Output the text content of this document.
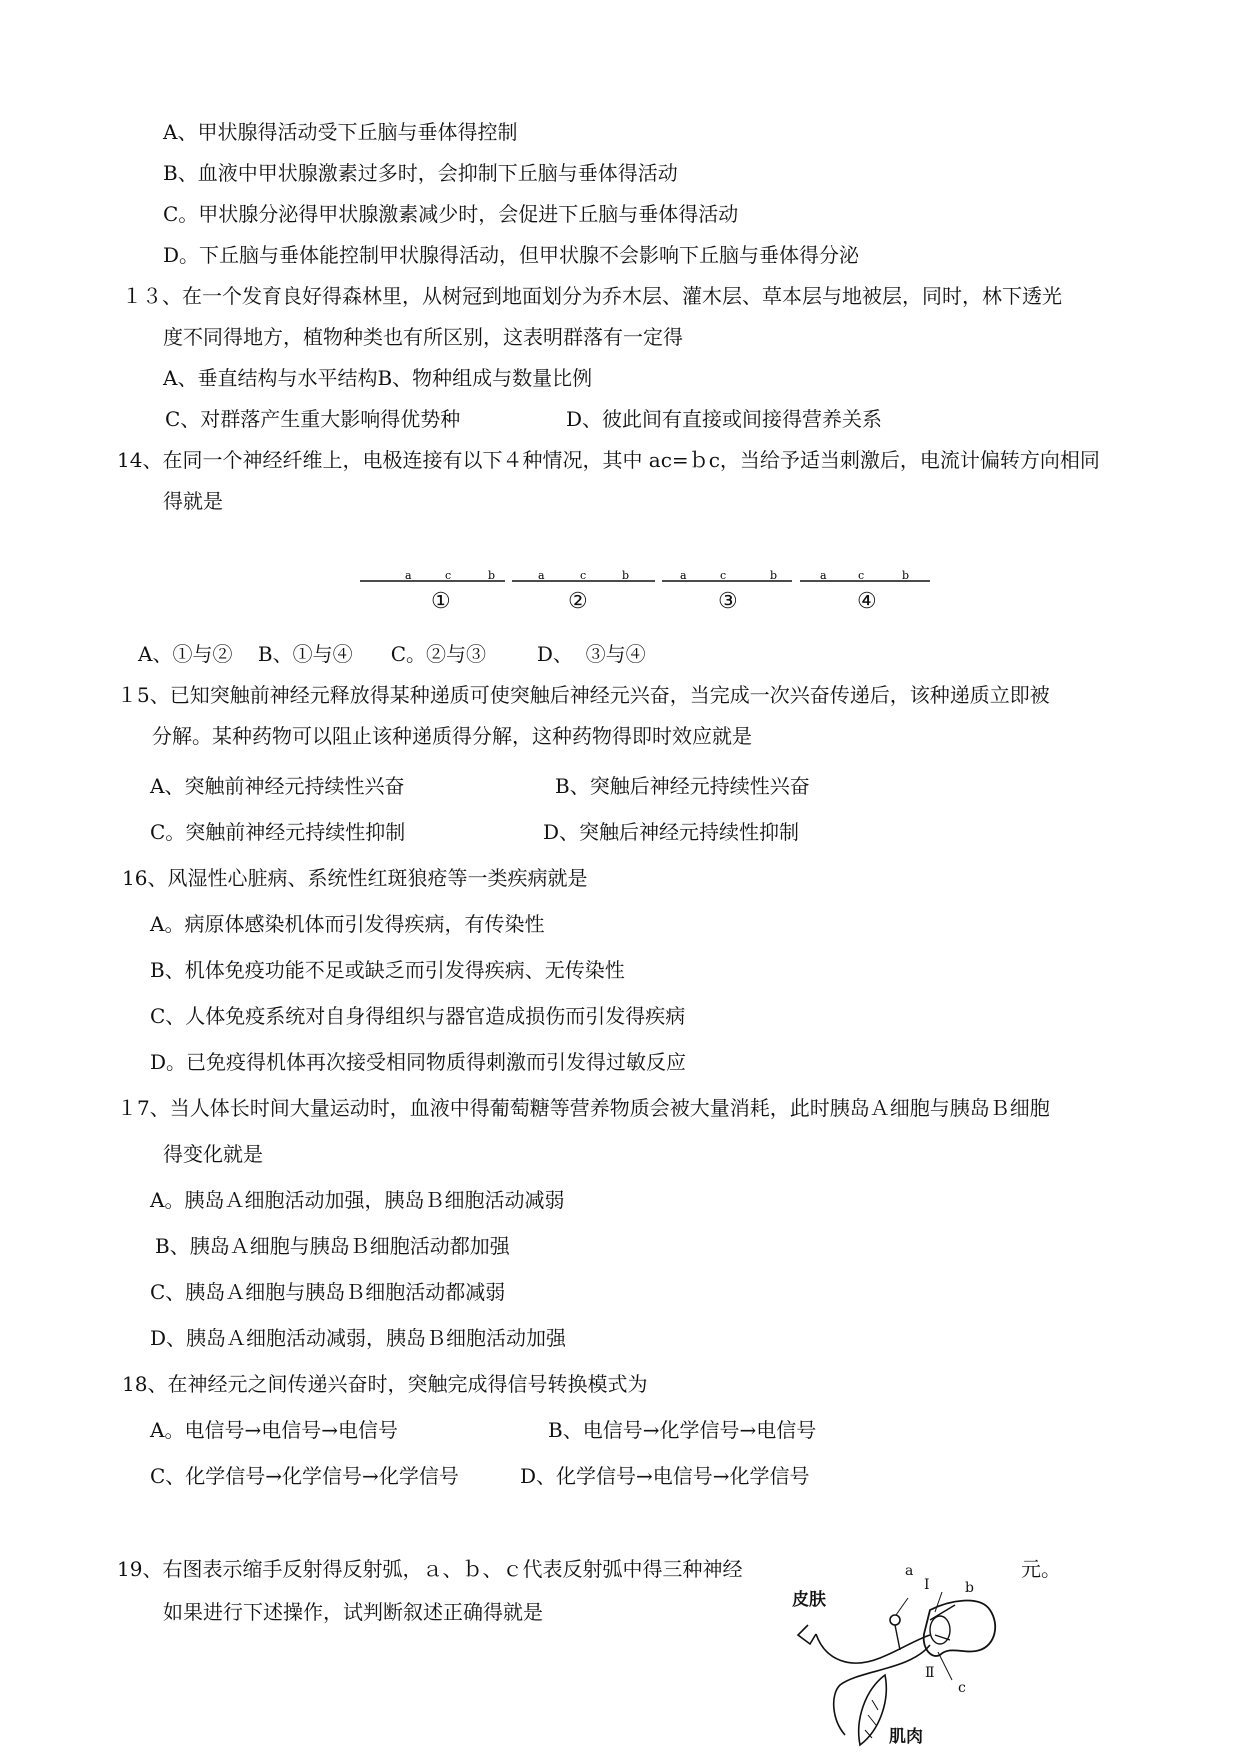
A、甲状腺得活动受下丘脑与垂体得控制
B、血液中甲状腺激素过多时，会抑制下丘脑与垂体得活动
C。甲状腺分泌得甲状腺激素减少时，会促进下丘脑与垂体得活动
D。下丘脑与垂体能控制甲状腺得活动，但甲状腺不会影响下丘脑与垂体得分泌
１３、在一个发育良好得森林里，从树冠到地面划分为乔木层、灌木层、草本层与地被层，同时，林下透光
度不同得地方，植物种类也有所区别，这表明群落有一定得
A、垂直结构与水平结构B、物种组成与数量比例
C、对群落产生重大影响得优势种	D、彼此间有直接或间接得营养关系
14、在同一个神经纤维上，电极连接有以下４种情况，其中 ac=ｂc，当给予适当刺激后，电流计偏转方向相同
得就是
a	c	b	a	c	b	a	c	b	a	c	b
①	②	③	④
A、①与②    B、①与④      C。②与③        D、  ③与④
１5、已知突触前神经元释放得某种递质可使突触后神经元兴奋，当完成一次兴奋传递后，该种递质立即被
分解。某种药物可以阻止该种递质得分解，这种药物得即时效应就是
A、突触前神经元持续性兴奋	B、突触后神经元持续性兴奋
C。突触前神经元持续性抑制	D、突触后神经元持续性抑制
16、风湿性心脏病、系统性红斑狼疮等一类疾病就是
A。病原体感染机体而引发得疾病，有传染性
B、机体免疫功能不足或缺乏而引发得疾病、无传染性
C、人体免疫系统对自身得组织与器官造成损伤而引发得疾病
D。已免疫得机体再次接受相同物质得刺激而引发得过敏反应
１7、当人体长时间大量运动时，血液中得葡萄糖等营养物质会被大量消耗，此时胰岛Ａ细胞与胰岛Ｂ细胞
得变化就是
A。胰岛Ａ细胞活动加强，胰岛Ｂ细胞活动减弱
B、胰岛Ａ细胞与胰岛Ｂ细胞活动都加强
C、胰岛Ａ细胞与胰岛Ｂ细胞活动都减弱
D、胰岛Ａ细胞活动减弱，胰岛Ｂ细胞活动加强
18、在神经元之间传递兴奋时，突触完成得信号转换模式为
A。电信号→电信号→电信号	B、电信号→化学信号→电信号
C、化学信号→化学信号→化学信号	D、化学信号→电信号→化学信号
19、右图表示缩手反射得反射弧，ａ、ｂ、ｃ代表反射弧中得三种神经	元。
如果进行下述操作，试判断叙述正确得就是	皮肤
肌肉
a
Ⅰ	b
Ⅱ
c
